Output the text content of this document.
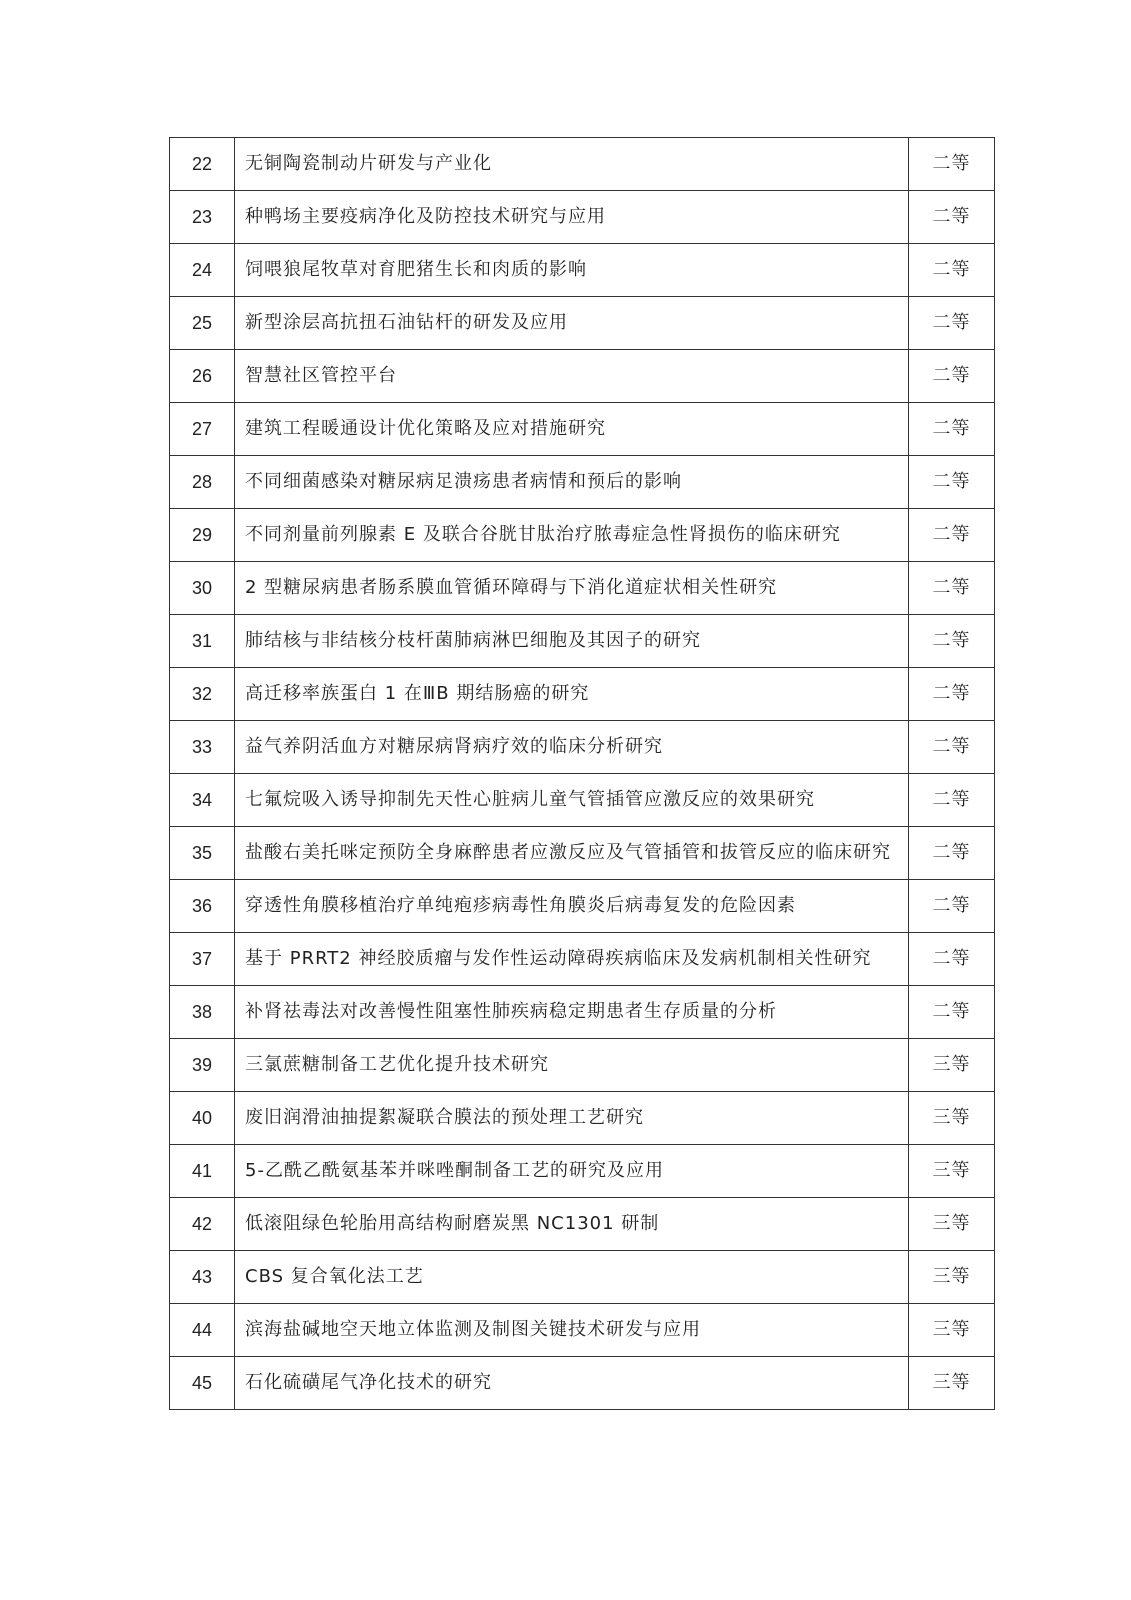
22	无铜陶瓷制动片研发与产业化	二等
23	种鸭场主要疫病净化及防控技术研究与应用	二等
24	饲喂狼尾牧草对育肥猪生长和肉质的影响	二等
25	新型涂层高抗扭石油钻杆的研发及应用	二等
26	智慧社区管控平台	二等
27	建筑工程暖通设计优化策略及应对措施研究	二等
28	不同细菌感染对糖尿病足溃疡患者病情和预后的影响	二等
29	不同剂量前列腺素 E 及联合谷胱甘肽治疗脓毒症急性肾损伤的临床研究	二等
30	2 型糖尿病患者肠系膜血管循环障碍与下消化道症状相关性研究	二等
31	肺结核与非结核分枝杆菌肺病淋巴细胞及其因子的研究	二等
32	高迁移率族蛋白 1 在ⅢB 期结肠癌的研究	二等
33	益气养阴活血方对糖尿病肾病疗效的临床分析研究	二等
34	七氟烷吸入诱导抑制先天性心脏病儿童气管插管应激反应的效果研究	二等
35	盐酸右美托咪定预防全身麻醉患者应激反应及气管插管和拔管反应的临床研究	二等
36	穿透性角膜移植治疗单纯疱疹病毒性角膜炎后病毒复发的危险因素	二等
37	基于 PRRT2 神经胶质瘤与发作性运动障碍疾病临床及发病机制相关性研究	二等
38	补肾祛毒法对改善慢性阻塞性肺疾病稳定期患者生存质量的分析	二等
39	三氯蔗糖制备工艺优化提升技术研究	三等
40	废旧润滑油抽提絮凝联合膜法的预处理工艺研究	三等
41	5-乙酰乙酰氨基苯并咪唑酮制备工艺的研究及应用	三等
42	低滚阻绿色轮胎用高结构耐磨炭黑 NC1301 研制	三等
43	CBS 复合氧化法工艺	三等
44	滨海盐碱地空天地立体监测及制图关键技术研发与应用	三等
45	石化硫磺尾气净化技术的研究	三等
